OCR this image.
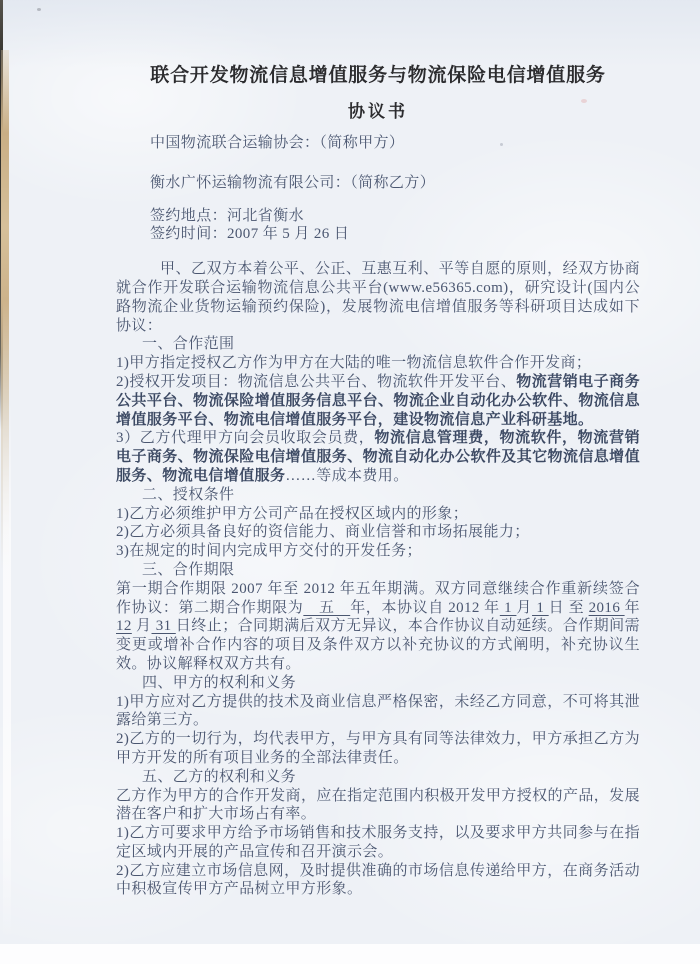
联合开发物流信息增值服务与物流保险电信增值服务
协议书
中国物流联合运输协会：（简称甲方）
衡水广怀运输物流有限公司：（简称乙方）
签约地点：河北省衡水
签约时间：2007 年 5 月 26 日
甲、乙双方本着公平、公正、互惠互利、平等自愿的原则，经双方协商就合作开发联合运输物流信息公共平台(www.e56365.com)，研究设计(国内公路物流企业货物运输预约保险)，发展物流电信增值服务等科研项目达成如下协议：
一、合作范围
1)甲方指定授权乙方作为甲方在大陆的唯一物流信息软件合作开发商；
2)授权开发项目：物流信息公共平台、物流软件开发平台、物流营销电子商务公共平台、物流保险增值服务信息平台、物流企业自动化办公软件、物流信息增值服务平台、物流电信增值服务平台，建设物流信息产业科研基地。
3）乙方代理甲方向会员收取会员费，物流信息管理费，物流软件，物流营销电子商务、物流保险电信增值服务、物流自动化办公软件及其它物流信息增值服务、物流电信增值服务……等成本费用。
二、授权条件
1)乙方必须维护甲方公司产品在授权区域内的形象；
2)乙方必须具备良好的资信能力、商业信誉和市场拓展能力；
3)在规定的时间内完成甲方交付的开发任务；
三、合作期限
第一期合作期限 2007 年至 2012 年五年期满。双方同意继续合作重新续签合作协议：第二期合作期限为　五　年，本协议自 2012 年 1 月 1 日 至 2016 年 12 月 31 日终止；合同期满后双方无异议，本合作协议自动延续。合作期间需变更或增补合作内容的项目及条件双方以补充协议的方式阐明，补充协议生效。协议解释权双方共有。
四、甲方的权利和义务
1)甲方应对乙方提供的技术及商业信息严格保密，未经乙方同意，不可将其泄露给第三方。
2)乙方的一切行为，均代表甲方，与甲方具有同等法律效力，甲方承担乙方为甲方开发的所有项目业务的全部法律责任。
五、乙方的权利和义务
乙方作为甲方的合作开发商，应在指定范围内积极开发甲方授权的产品，发展潜在客户和扩大市场占有率。
1)乙方可要求甲方给予市场销售和技术服务支持，以及要求甲方共同参与在指定区域内开展的产品宣传和召开演示会。
2)乙方应建立市场信息网，及时提供准确的市场信息传递给甲方，在商务活动中积极宣传甲方产品树立甲方形象。
